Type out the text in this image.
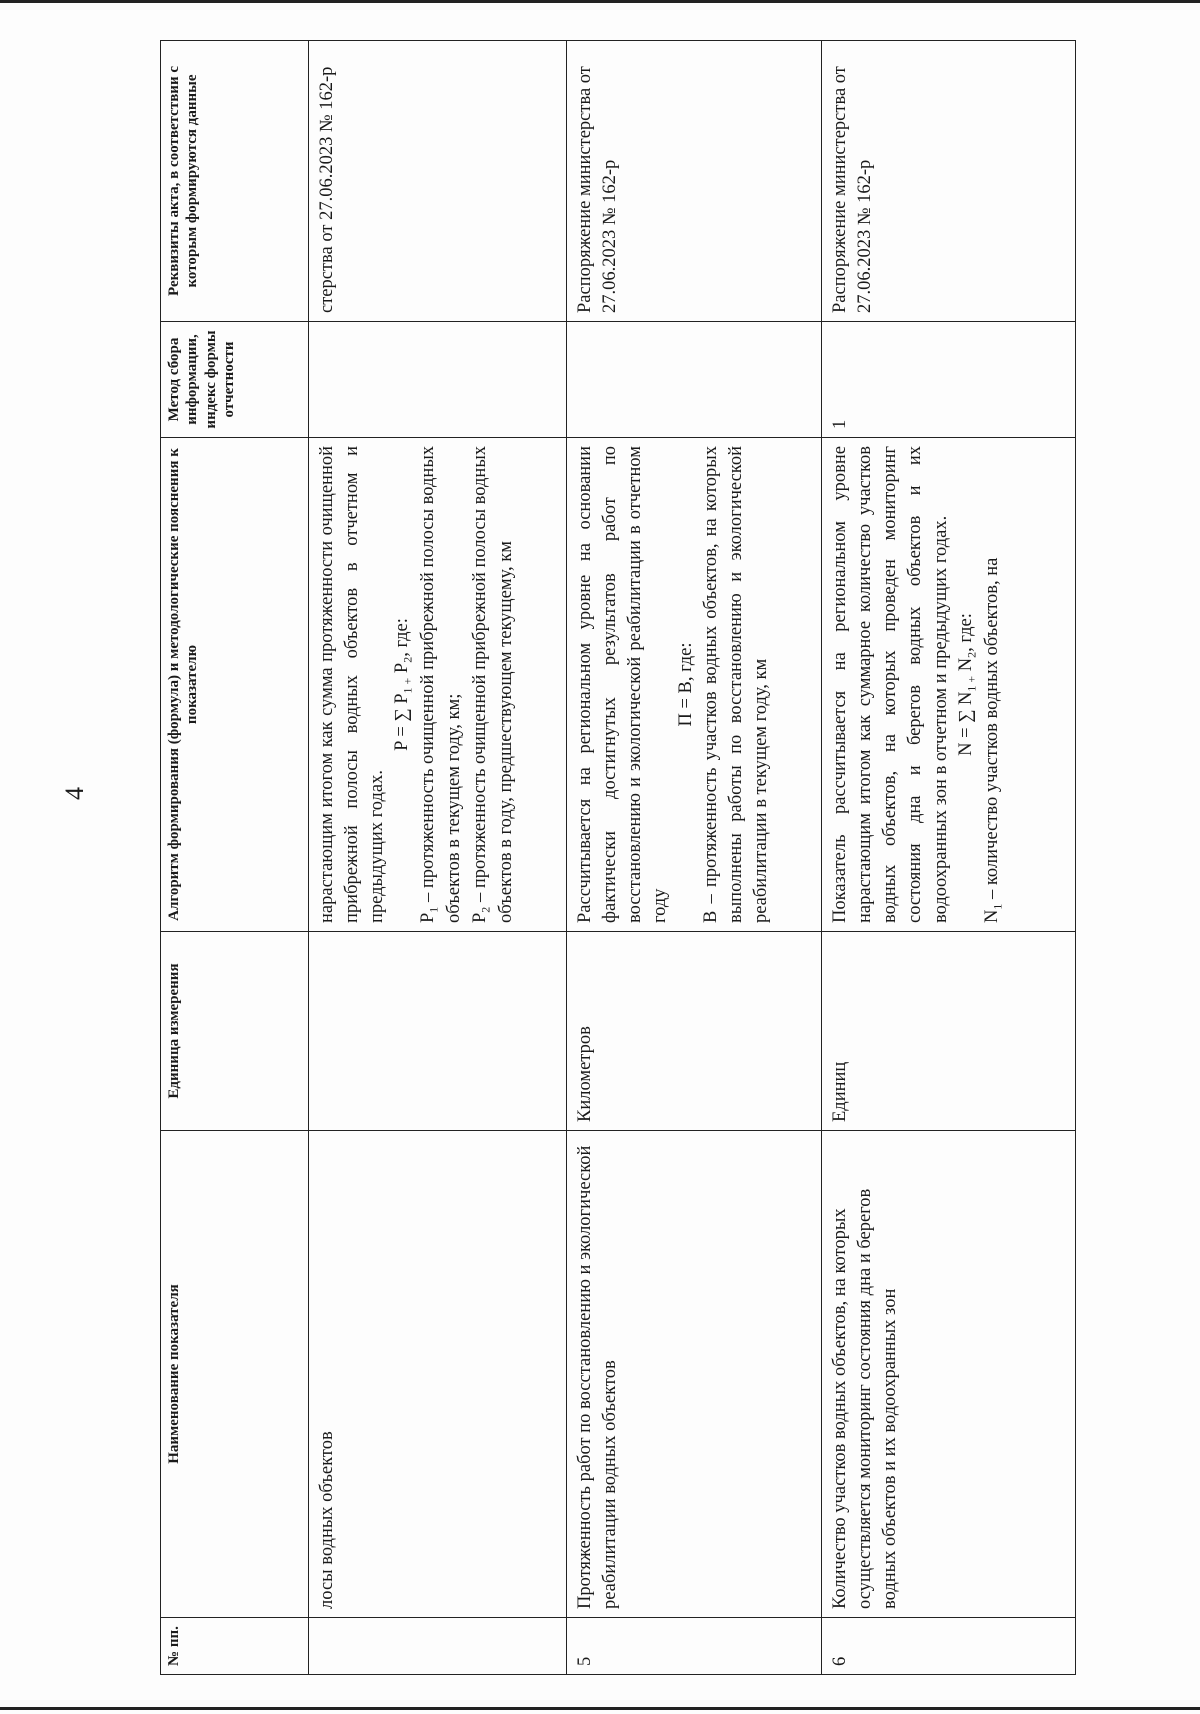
4
№ пп.	Наименование показателя	Единица измерения	Алгоритм формирования (формула) и методологические пояснения к показателю	Метод сбора информации, индекс формы отчетности	Реквизиты акта, в соответствии с которым формируются данные
	лосы водных объектов		нарастающим итогом как сумма протяженности очищенной прибрежной полосы водных объектов в отчетном и предыдущих годах.
P = ∑ $P_{1 +}$ $P_2$, где:
$P_1$ – протяженность очищенной прибрежной полосы водных объектов в текущем году, км; $P_2$ – протяженность очищенной прибрежной полосы водных объектов в году, предшествующем текущему, км		стерства от 27.06.2023 № 162-р
5	Протяженность работ по восстановлению и экологической реабилитации водных объектов	Километров	Рассчитывается на региональном уровне на основании фактически достигнутых результатов работ по восстановлению и экологической реабилитации в отчетном году
П = В, где: В – протяженность участков водных объектов, на которых выполнены работы по восстановлению и экологической реабилитации в текущем году, км		Распоряжение министерства от 27.06.2023 № 162-р
6	Количество участков водных объектов, на которых осуществляется мониторинг состояния дна и берегов водных объектов и их водоохранных зон	Единиц	Показатель рассчитывается на региональном уровне нарастающим итогом как суммарное количество участков водных объектов, на которых проведен мониторинг состояния дна и берегов водных объектов и их водоохранных зон в отчетном и предыдущих годах. N = ∑ $N_{1 +}$ $N_2$, где:
$N_1$ – количество участков водных объектов, на	1	Распоряжение министерства от 27.06.2023 № 162-р
